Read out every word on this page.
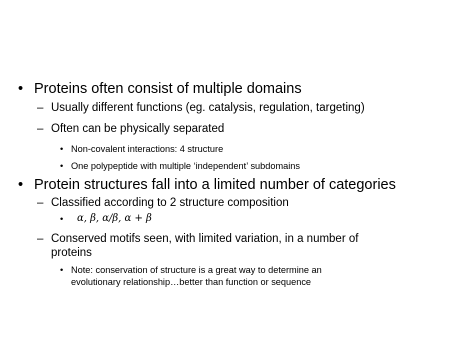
• Proteins often consist of multiple domains
– Usually different functions (eg. catalysis, regulation, targeting)
– Often can be physically separated
• Non-covalent interactions: 4 structure
• One polypeptide with multiple ‘independent’ subdomains
• Protein structures fall into a limited number of categories
– Classified according to 2 structure composition
• α, β, α/β, α + β
– Conserved motifs seen, with limited variation, in a number of
proteins
• Note: conservation of structure is a great way to determine an
evolutionary relationship…better than function or sequence
